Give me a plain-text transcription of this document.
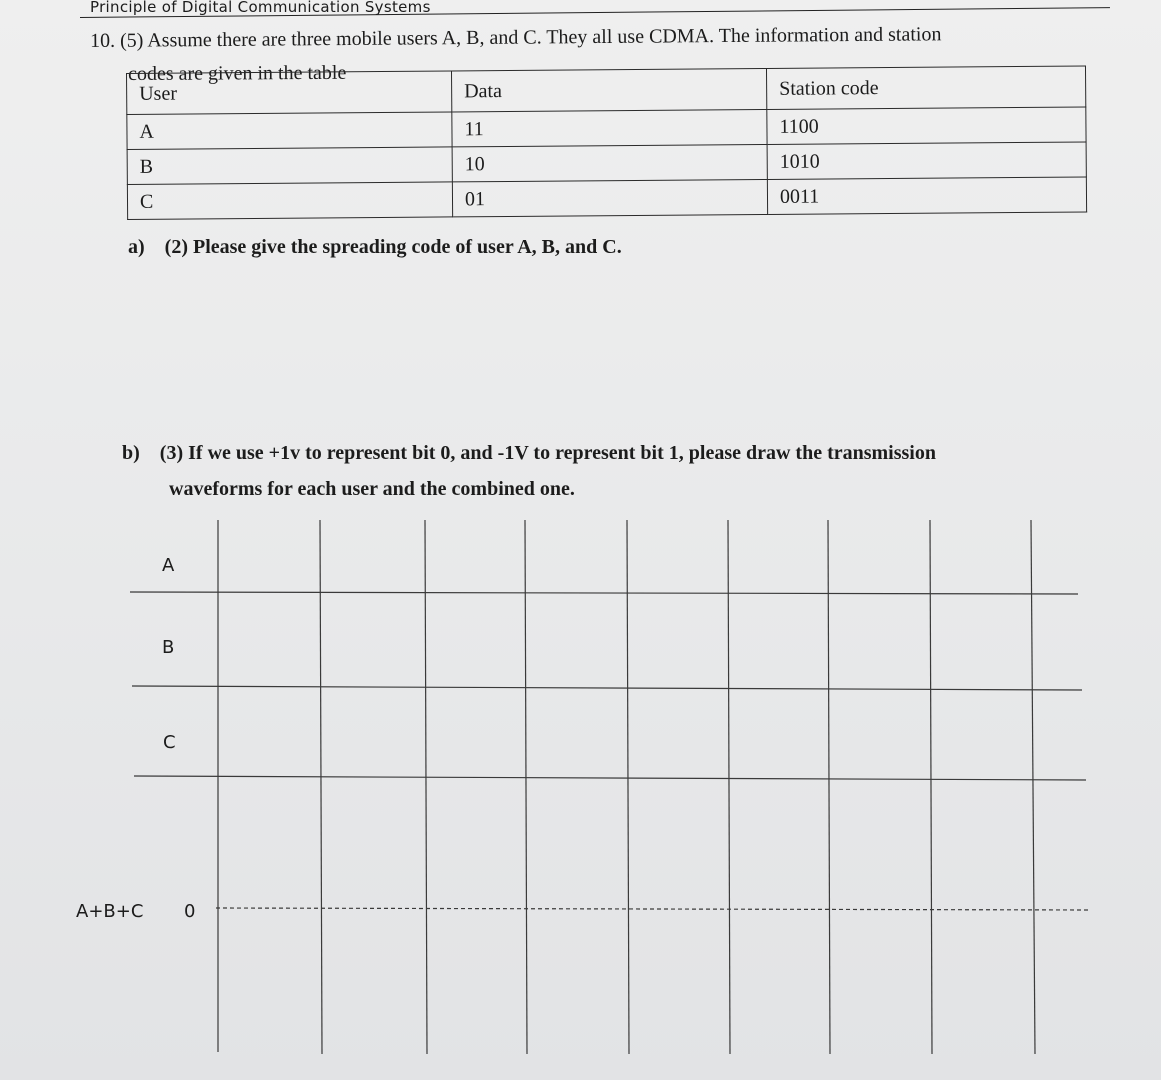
Principle of Digital Communication Systems
10. (5) Assume there are three mobile users A, B, and C. They all use CDMA. The information and station
codes are given in the table
User	Data	Station code
A	11	1100
B	10	1010
C	01	0011
a) (2) Please give the spreading code of user A, B, and C.
b) (3) If we use +1v to represent bit 0, and -1V to represent bit 1, please draw the transmission
waveforms for each user and the combined one.
A
B
C
A+B+C 0
